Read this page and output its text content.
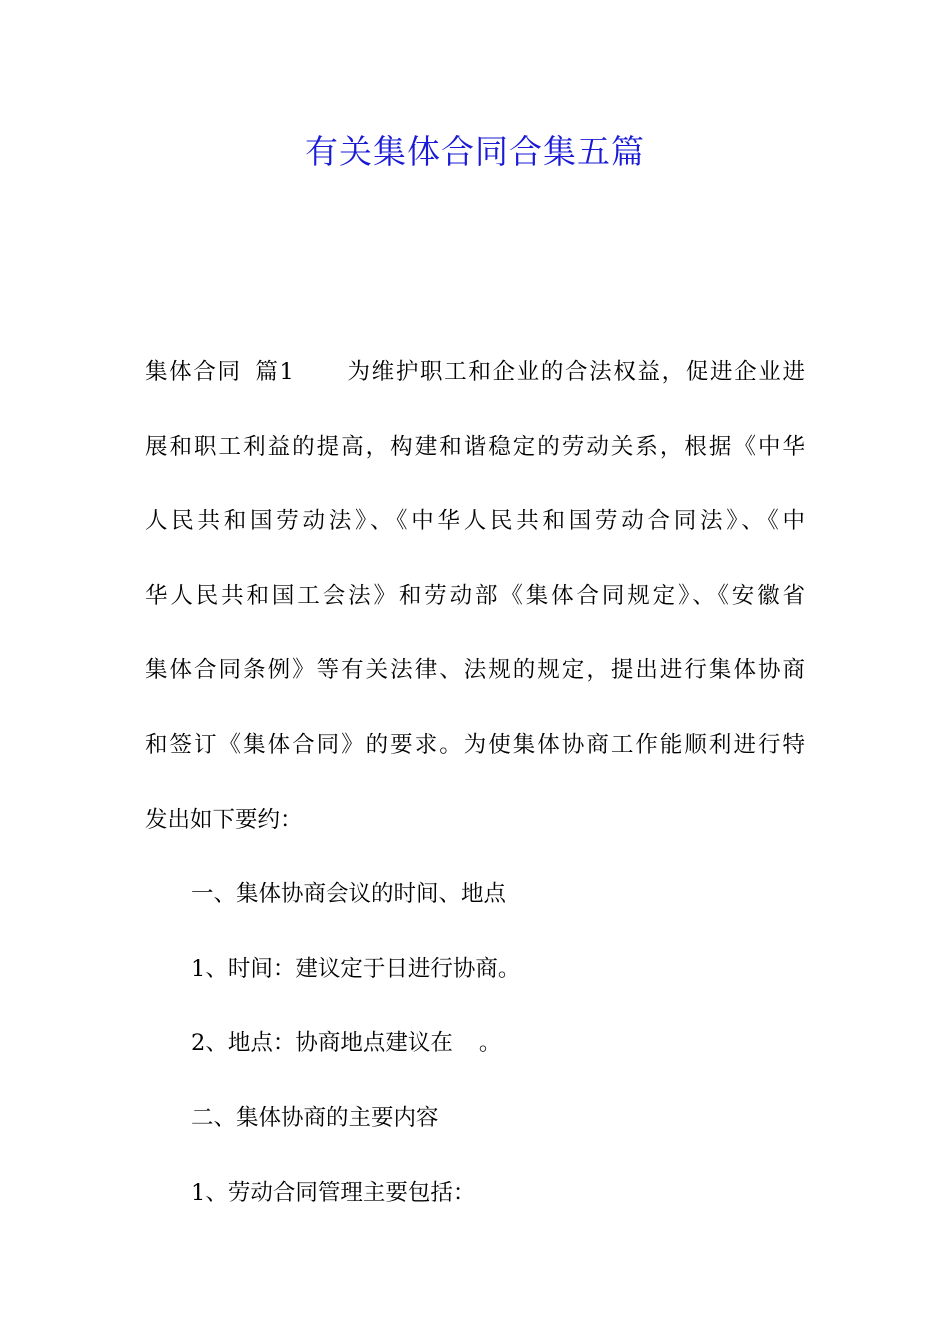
有关集体合同合集五篇
集体合同 篇1 为维护职工和企业的合法权益，促进企业进
展和职工利益的提高，构建和谐稳定的劳动关系，根据《中华
人民共和国劳动法》、《中华人民共和国劳动合同法》、《中
华人民共和国工会法》和劳动部《集体合同规定》、《安徽省
集体合同条例》等有关法律、法规的规定，提出进行集体协商
和签订《集体合同》的要求。为使集体协商工作能顺利进行特
发出如下要约：
一、集体协商会议的时间、地点
1、时间：建议定于日进行协商。
2、地点：协商地点建议在 。
二、集体协商的主要内容
1、劳动合同管理主要包括：
